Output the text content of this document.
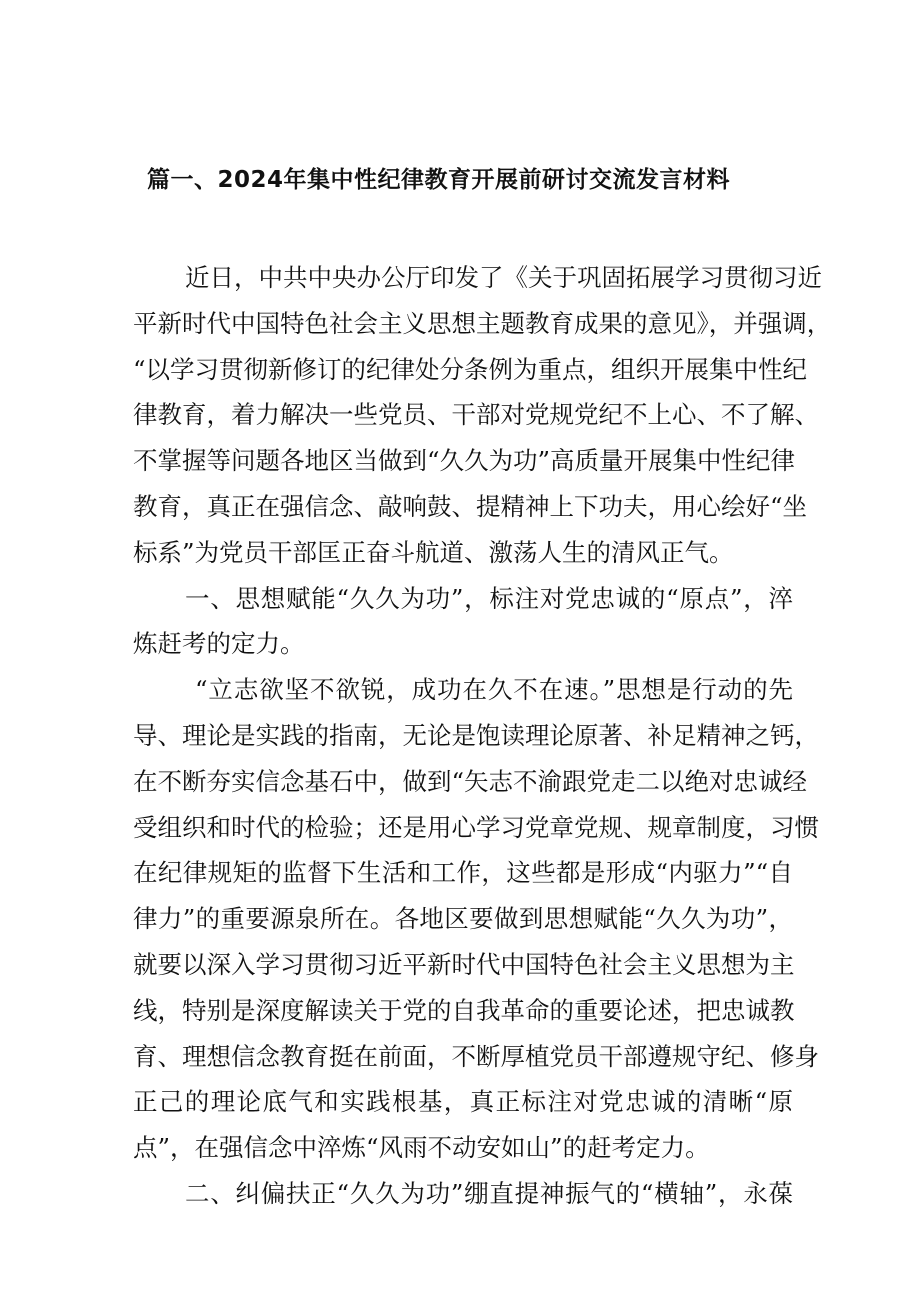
篇一、2024年集中性纪律教育开展前研讨交流发言材料
近日，中共中央办公厅印发了《关于巩固拓展学习贯彻习近
平新时代中国特色社会主义思想主题教育成果的意见》，并强调，
“以学习贯彻新修订的纪律处分条例为重点，组织开展集中性纪
律教育，着力解决一些党员、干部对党规党纪不上心、不了解、
不掌握等问题各地区当做到“久久为功”高质量开展集中性纪律
教育，真正在强信念、敲响鼓、提精神上下功夫，用心绘好“坐
标系”为党员干部匡正奋斗航道、激荡人生的清风正气。
一、思想赋能“久久为功”，标注对党忠诚的“原点”，淬
炼赶考的定力。
“立志欲坚不欲锐，成功在久不在速。”思想是行动的先
导、理论是实践的指南，无论是饱读理论原著、补足精神之钙，
在不断夯实信念基石中，做到“矢志不渝跟党走二以绝对忠诚经
受组织和时代的检验；还是用心学习党章党规、规章制度，习惯
在纪律规矩的监督下生活和工作，这些都是形成“内驱力”“自
律力”的重要源泉所在。各地区要做到思想赋能“久久为功”，
就要以深入学习贯彻习近平新时代中国特色社会主义思想为主
线，特别是深度解读关于党的自我革命的重要论述，把忠诚教
育、理想信念教育挺在前面，不断厚植党员干部遵规守纪、修身
正己的理论底气和实践根基，真正标注对党忠诚的清晰“原
点”，在强信念中淬炼“风雨不动安如山”的赶考定力。
二、纠偏扶正“久久为功”绷直提神振气的“横轴”，永葆
